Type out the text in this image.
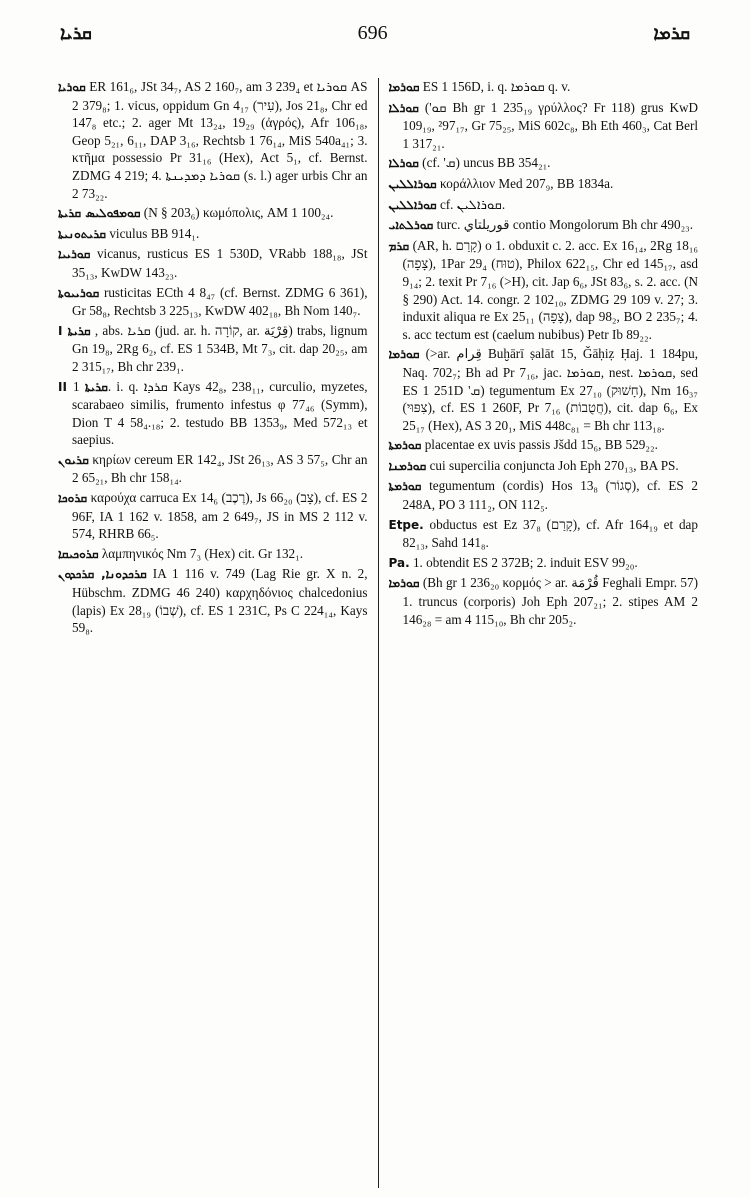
ܩܪܝܐ	696	ܩܪܡܐ

ܩܘܪܝܐ ER 161₆, JSt 34₇, AS 2 160₇, am 3 239₄ et ܩܘܪܝܐ AS 2 379₈; 1. vicus, oppidum Gn 4₁₇ (עִיר), Jos 21₈, Chr ed 147₈ etc.; 2. ager Mt 13₂₄, 19₂₉ (ἀγρός), Afr 106₁₈, Geop 5₂₁, 6₁₁, DAP 3₁₆, Rechtsb 1 76₁₄, MiS 540a₄₁; 3. κτῆμα possessio Pr 31₁₆ (Hex), Act 5₁, cf. Bernst. ZDMG 4 219; 4. ܩܘܪܝܐ ܕܡܕܝܢܬܐ (s. l.) ager urbis Chr an 2 73₂₂.

ܩܘܡܦܘܠܝܣ ܩܪܝܬܐ (N § 203₆) κωμόπολις, AM 1 100₂₄.

ܩܪܝܬܘܢܝܬܐ viculus BB 914₁.

ܩܘܪܝܝܐ vicanus, rusticus ES 1 530D, VRabb 188₁₈, JSt 35₁₃, KwDW 143₂₃.

ܩܘܪܝܝܘܬܐ rusticitas ECth 4 8₄₇ (cf. Bernst. ZDMG 6 361), Gr 58₈, Rechtsb 3 225₁₃, KwDW 402₁₈, Bh Nom 140₇.

I ܩܪܝܬܐ , abs. ܩܪܝܐ (jud. ar. h. קוֹרָה, ar. قِرْيَة) trabs, lignum Gn 19₈, 2Rg 6₂, cf. ES 1 534B, Mt 7₃, cit. dap 20₂₅, am 2 315₁₇, Bh chr 239₁.

II ܩܪܝܬܐ 1. i. q. ܩܪܕܐ Kays 42₈, 238₁₁, curculio, myzetes, scarabaeo similis, frumento infestus φ 77₄₆ (Symm), Dion T 4 58₄.₁₈; 2. testudo BB 1353₉, Med 572₁₃ et saepius.

ܩܪܝܘܢ κηρίων cereum ER 142₄, JSt 26₁₃, AS 3 57₅, Chr an 2 65₂₁, Bh chr 158₁₄.

ܩܪܘܟܐ καρούχα carruca Ex 14₆ (רֶכֶב), Js 66₂₀ (צָב), cf. ES 2 96F, IA 1 162 v. 1858, am 2 649₇, JS in MS 2 112 v. 574, RHRB 66₅.

ܩܪܘܟܝܩܐ λαμπηνικός Nm 7₃ (Hex) cit. Gr 132₁.

ܩܪܟܕܘܢܐ, ܩܪܟܕܘܢ IA 1 116 v. 749 (Lag Rie gr. X n. 2, Hübschm. ZDMG 46 240) καρχηδόνιος chalcedonius (lapis) Ex 28₁₉ (שְׁבוֹ), cf. ES 1 231C, Ps C 224₁₄, Kays 59₈.

ܩܘܪܡܐ ES 1 156D, i. q. ܩܘܪܡܐ q. v.

ܩܘܪܠܐ ('ܩܘ Bh gr 1 235₁₉ γρύλλος? Fr 118) grus KwD 109₁₉, ²97₁₇, Gr 75₂₅, MiS 602c₈, Bh Eth 460₃, Cat Berl 1 317₂₁.

ܩܘܪܠܐ (cf. 'ܩ) uncus BB 354₂₁.

ܩܘܪܐܠܠܝܢ κοράλλιον Med 207₉, BB 1834a.

ܩܘܪܐܠܠܝܢ cf. ܩܘܪܐܠܝܢ.

ܩܘܪܠܬܐܝ turc. قوريلتاي contio Mongolorum Bh chr 490₂₃.

ܩܪܡ (AR, h. קָרַם) o 1. obduxit c. 2. acc. Ex 16₁₄, 2Rg 18₁₆ (צָפָה), 1Par 29₄ (טוּח), Philox 622₁₅, Chr ed 145₁₇, asd 9₁₄; 2. texit Pr 7₁₆ (>H), cit. Jap 6₆, JSt 83₆, s. 2. acc. (N § 290) Act. 14. congr. 2 102₁₀, ZDMG 29 109 v. 27; 3. induxit aliqua re Ex 25₁₁ (צָפָה), dap 98₂, BO 2 235₇; 4. s. acc tectum est (caelum nubibus) Petr Ib 89₂₂.

ܩܘܪܡܐ (>ar. قِرام Buḫārī ṣalāt 15, Ǧāḥiẓ Ḥaj. 1 184pu, Naq. 702₇; Bh ad Pr 7₁₆, jac. ܩܘܪܡܐ, nest. ܩܘܪܡܐ, sed ES 1 251D 'ܩ) tegumentum Ex 27₁₀ (חָשׁוּק), Nm 16₃₇ (צִפּוּי), cf. ES 1 260F, Pr 7₁₆ (חֲטֻבוֹת), cit. dap 6₆, Ex 25₁₇ (Hex), AS 3 20₁, MiS 448c₈₁ = Bh chr 113₁₈.

ܩܘܪܡܬܐ placentae ex uvis passis Jšdd 15₆, BB 529₂₂.

ܩܘܪܡܢܐ cui supercilia conjuncta Joh Eph 270₁₃, BA PS.

ܩܘܪܡܬܐ tegumentum (cordis) Hos 13₈ (סְגוֹר), cf. ES 2 248A, PO 3 111₂, ON 112₅.

Etpe. obductus est Ez 37₈ (קָרַם), cf. Afr 164₁₉ et dap 82₁₃, Sahd 141₈.

Pa. 1. obtendit ES 2 372B; 2. induit ESV 99₂₀.

ܩܘܪܡܐ (Bh gr 1 236₂₀ κορμός > ar. قُرْمَة Feghali Empr. 57) 1. truncus (corporis) Joh Eph 207₂₁; 2. stipes AM 2 146₂₈ = am 4 115₁₀, Bh chr 205₂.
